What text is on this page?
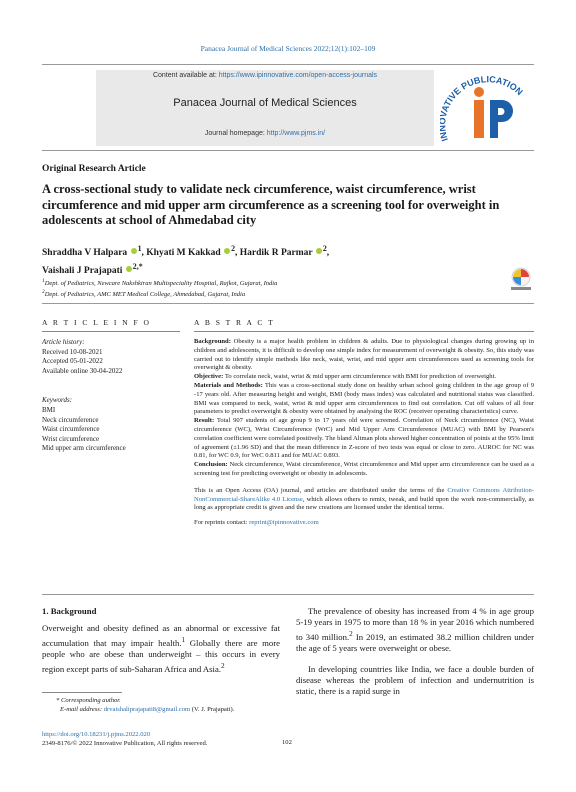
Panacea Journal of Medical Sciences 2022;12(1):102–109
Content available at: https://www.ipinnovative.com/open-access-journals
Panacea Journal of Medical Sciences
Journal homepage: http://www.pjms.in/
I ATIVE PUBLICATION
Original Research Article
A cross-sectional study to validate neck circumference, waist circumference, wrist circumference and mid upper arm circumference as a screening tool for overweight in adolescents at school of Ahmedabad city
Shraddha V Halpara $^1$, Khyati M Kakkad $^2$, Hardik R Parmar $^2$,
Vaishali J Prajapati $^{2,*}$
$^1$Dept. of Pediatrics, Newcare Nakshkiran Multispeciality Hospital, Rajkot, Gujarat, India
$^2$Dept. of Pediatrics, AMC MET Medical College, Ahmedabad, Gujarat, India
A R T I C L E I N F O	A B S T R A C T
Article history:
Received 10-08-2021
Accepted 05-01-2022
Available online 30-04-2022
Keywords:
BMI
Neck circumference
Waist circumference
Wrist circumference
Mid upper arm circumference

Background: Obesity is a major health problem in children & adults. Due to physiological changes during growing up in children and adolescents, it is difficult to develop one simple index for measurement of overweight & obesity. So, this study was carried out to identify simple methods like neck, waist, wrist, and mid upper arm circumferences used as screening tools for overweight & obesity.

Objective: To correlate neck, waist, wrist & mid upper arm circumference with BMI for prediction of overweight.

Materials and Methods: This was a cross-sectional study done on healthy urban school going children in the age group of 9 -17 years old. After measuring height and weight, BMI (body mass index) was calculated and nutritional status was classified. BMI was compared to neck, waist, wrist & mid upper arm circumferences to find out correlation. Cut off values of all four parameters to predict overweight & obesity were obtained by analysing the ROC (receiver operating characteristics) curve.

Result: Total 907 students of age group 9 to 17 years old were screened. Correlation of Neck circumference (NC), Waist circumference (WC), Wrist Circumference (WrC) and Mid Upper Arm Circumference (MUAC) with BMI by Pearson's correlation coefficient were correlated positively. The bland Altman plots showed higher concentration of points at the 95% limit of agreement (±1.96 SD) and that the mean difference in Z-score of two tests was equal or close to zero. AUROC for NC was 0.81, for WC 0.9, for WrC 0.811 and for MUAC 0.893.

Conclusion: Neck circumference, Waist circumference, Wrist circumference and Mid upper arm circumference can be used as a screening test for predicting overweight or obesity in adolescents.

This is an Open Access (OA) journal, and articles are distributed under the terms of the Creative Commons Attribution-NonCommercial-ShareAlike 4.0 License, which allows others to remix, tweak, and build upon the work non-commercially, as long as appropriate credit is given and the new creations are licensed under the identical terms.

For reprints contact: reprint@ipinnovative.com

1. Background

Overweight and obesity defined as an abnormal or excessive fat accumulation that may impair health.$^1$ Globally there are more people who are obese than underweight – this occurs in every region except parts of sub-Saharan Africa and Asia.$^2$

The prevalence of obesity has increased from 4 % in age group 5-19 years in 1975 to more than 18 % in year 2016 which numbered to 340 million.$^2$ In 2019, an estimated 38.2 million children under the age of 5 years were overweight or obese.

In developing countries like India, we face a double burden of disease whereas the problem of infection and undernutrition is static, there is a rapid surge in

* Corresponding author.
E-mail address: drvaishaliprajapati8@gmail.com (V. J. Prajapati).
https://doi.org/10.18231/j.pjms.2022.020
2349-8176/© 2022 Innovative Publication, All rights reserved.	102
